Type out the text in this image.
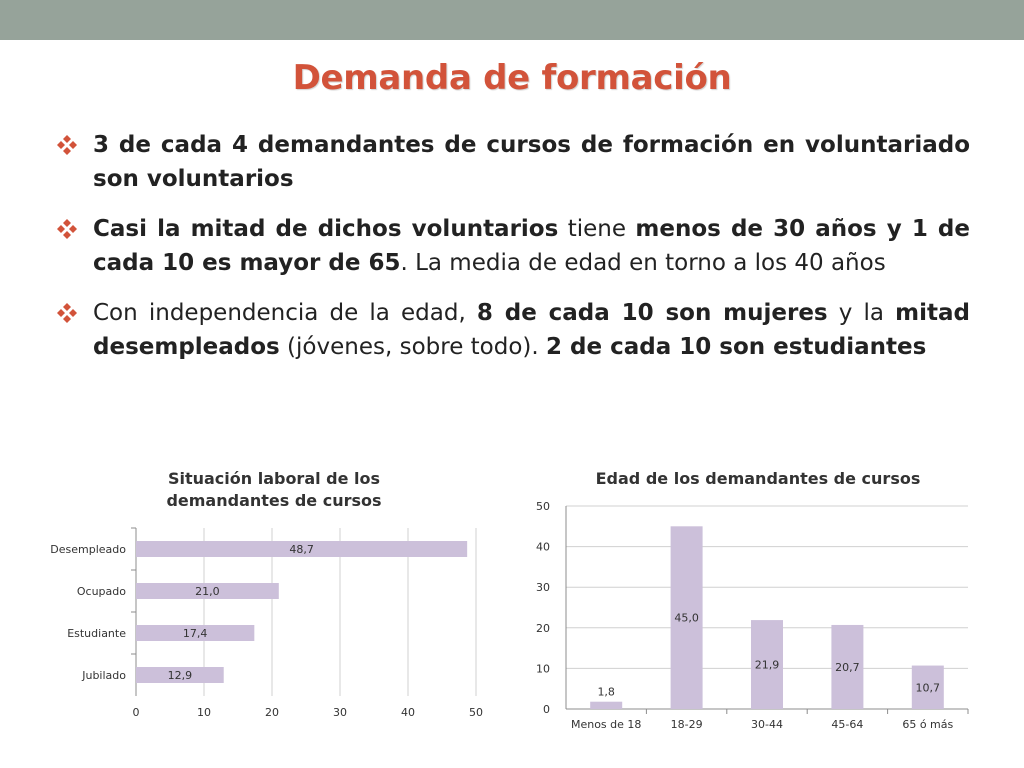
Demanda de formación
3 de cada 4 demandantes de cursos de formación en voluntariado son voluntarios
Casi la mitad de dichos voluntarios tiene menos de 30 años y 1 de cada 10 es mayor de 65. La media de edad en torno a los 40 años
Con independencia de la edad, 8 de cada 10 son mujeres y la mitad desempleados (jóvenes, sobre todo). 2 de cada 10 son estudiantes
Situación laboral de los
demandantes de cursos
0	10	20	30	40	50
Desempleado	48,7
Ocupado	21,0
Estudiante	17,4
Jubilado	12,9
Edad de los demandantes de cursos
0
10
20
30
40
50
Menos de 18
1,8
18-29
45,0
30-44
21,9
45-64
20,7
65 ó más
10,7
